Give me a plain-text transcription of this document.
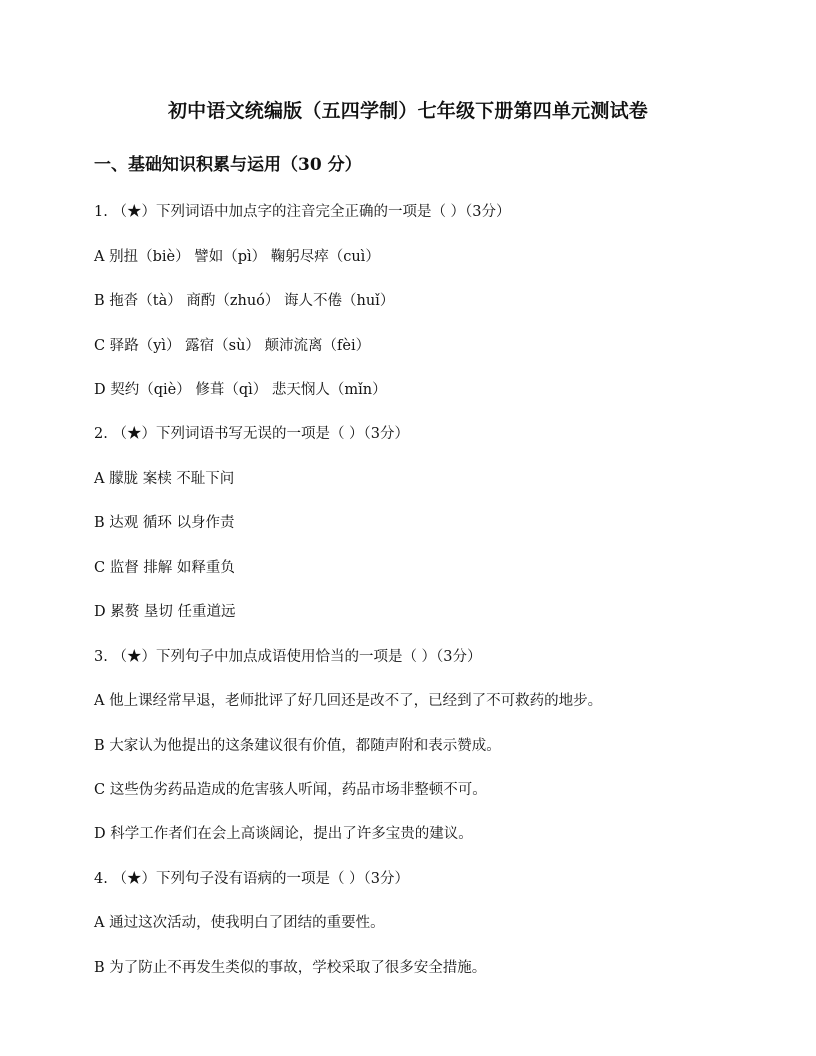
初中语文统编版（五四学制）七年级下册第四单元测试卷
一、基础知识积累与运用（30 分）
1. （★）下列词语中加点字的注音完全正确的一项是（ ）（3分）
A 别扭（biè） 譬如（pì） 鞠躬尽瘁（cuì）
B 拖沓（tà） 商酌（zhuó） 诲人不倦（huǐ）
C 驿路（yì） 露宿（sù） 颠沛流离（fèi）
D 契约（qiè） 修葺（qì） 悲天悯人（mǐn）
2. （★）下列词语书写无误的一项是（ ）（3分）
A 朦胧 案椟 不耻下问
B 达观 循环 以身作责
C 监督 排解 如释重负
D 累赘 垦切 任重道远
3. （★）下列句子中加点成语使用恰当的一项是（ ）（3分）
A 他上课经常早退，老师批评了好几回还是改不了，已经到了不可救药的地步。
B 大家认为他提出的这条建议很有价值，都随声附和表示赞成。
C 这些伪劣药品造成的危害骇人听闻，药品市场非整顿不可。
D 科学工作者们在会上高谈阔论，提出了许多宝贵的建议。
4. （★）下列句子没有语病的一项是（ ）（3分）
A 通过这次活动，使我明白了团结的重要性。
B 为了防止不再发生类似的事故，学校采取了很多安全措施。
